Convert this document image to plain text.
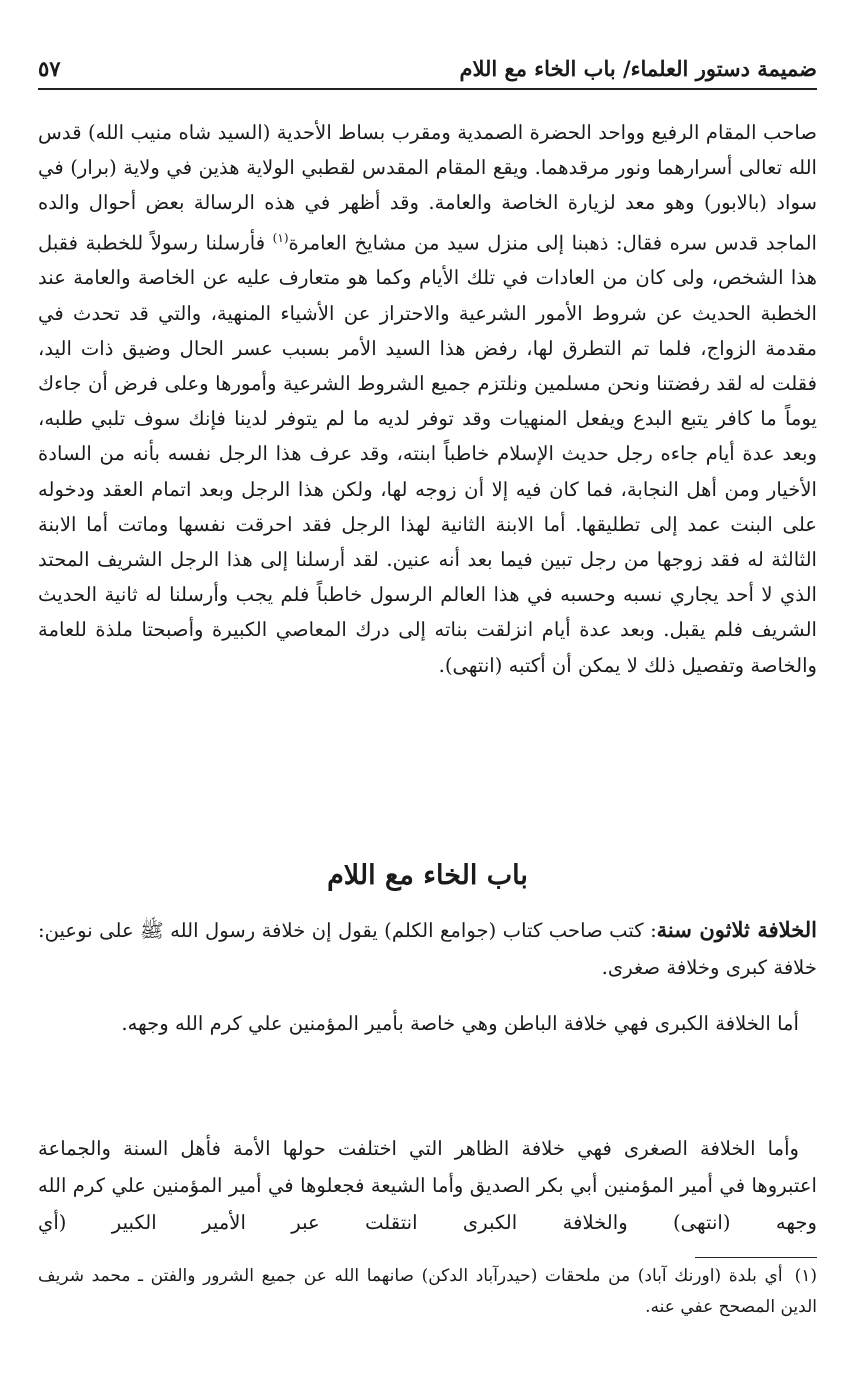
ضميمة دستور العلماء/ باب الخاء مع اللام
٥٧

صاحب المقام الرفيع وواحد الحضرة الصمدية ومقرب بساط الأحدية (السيد شاه منيب الله) قدس الله تعالى أسرارهما ونور مرقدهما. ويقع المقام المقدس لقطبي الولاية هذين في ولاية (برار) في سواد (بالابور) وهو معد لزيارة الخاصة والعامة. وقد أظهر في هذه الرسالة بعض أحوال والده الماجد قدس سره فقال: ذهبنا إلى منزل سيد من مشايخ العامرة$^{(١)}$ فأرسلنا رسولاً للخطبة فقبل هذا الشخص، ولى كان من العادات في تلك الأيام وكما هو متعارف عليه عن الخاصة والعامة عند الخطبة الحديث عن شروط الأمور الشرعية والاحتراز عن الأشياء المنهية، والتي قد تحدث في مقدمة الزواج، فلما تم التطرق لها، رفض هذا السيد الأمر بسبب عسر الحال وضيق ذات اليد، فقلت له لقد رفضتنا ونحن مسلمين ونلتزم جميع الشروط الشرعية وأمورها وعلى فرض أن جاءك يوماً ما كافر يتبع البدع ويفعل المنهيات وقد توفر لديه ما لم يتوفر لدينا فإنك سوف تلبي طلبه، وبعد عدة أيام جاءه رجل حديث الإسلام خاطباً ابنته، وقد عرف هذا الرجل نفسه بأنه من السادة الأخيار ومن أهل النجابة، فما كان فيه إلا أن زوجه لها، ولكن هذا الرجل وبعد اتمام العقد ودخوله على البنت عمد إلى تطليقها. أما الابنة الثانية لهذا الرجل فقد احرقت نفسها وماتت أما الابنة الثالثة له فقد زوجها من رجل تبين فيما بعد أنه عنين. لقد أرسلنا إلى هذا الرجل الشريف المحتد الذي لا أحد يجاري نسبه وحسبه في هذا العالم الرسول خاطباً فلم يجب وأرسلنا له ثانية الحديث الشريف فلم يقبل. وبعد عدة أيام انزلقت بناته إلى درك المعاصي الكبيرة وأصبحتا ملذة للعامة والخاصة وتفصيل ذلك لا يمكن أن أكتبه (انتهى).

باب الخاء مع اللام

الخلافة ثلاثون سنة: كتب صاحب كتاب (جوامع الكلم) يقول إن خلافة رسول الله ﷺ على نوعين: خلافة كبرى وخلافة صغرى.

أما الخلافة الكبرى فهي خلافة الباطن وهي خاصة بأمير المؤمنين علي كرم الله وجهه.

وأما الخلافة الصغرى فهي خلافة الظاهر التي اختلفت حولها الأمة فأهل السنة والجماعة اعتبروها في أمير المؤمنين أبي بكر الصديق وأما الشيعة فجعلوها في أمير المؤمنين علي كرم الله وجهه (انتهى) والخلافة الكبرى انتقلت عبر الأمير الكبير (أي

(١)أي بلدة (اورنك آباد) من ملحقات (حيدرآباد الدكن) صانهما الله عن جميع الشرور والفتن ـ محمد شريف الدين المصحح عفي عنه.
